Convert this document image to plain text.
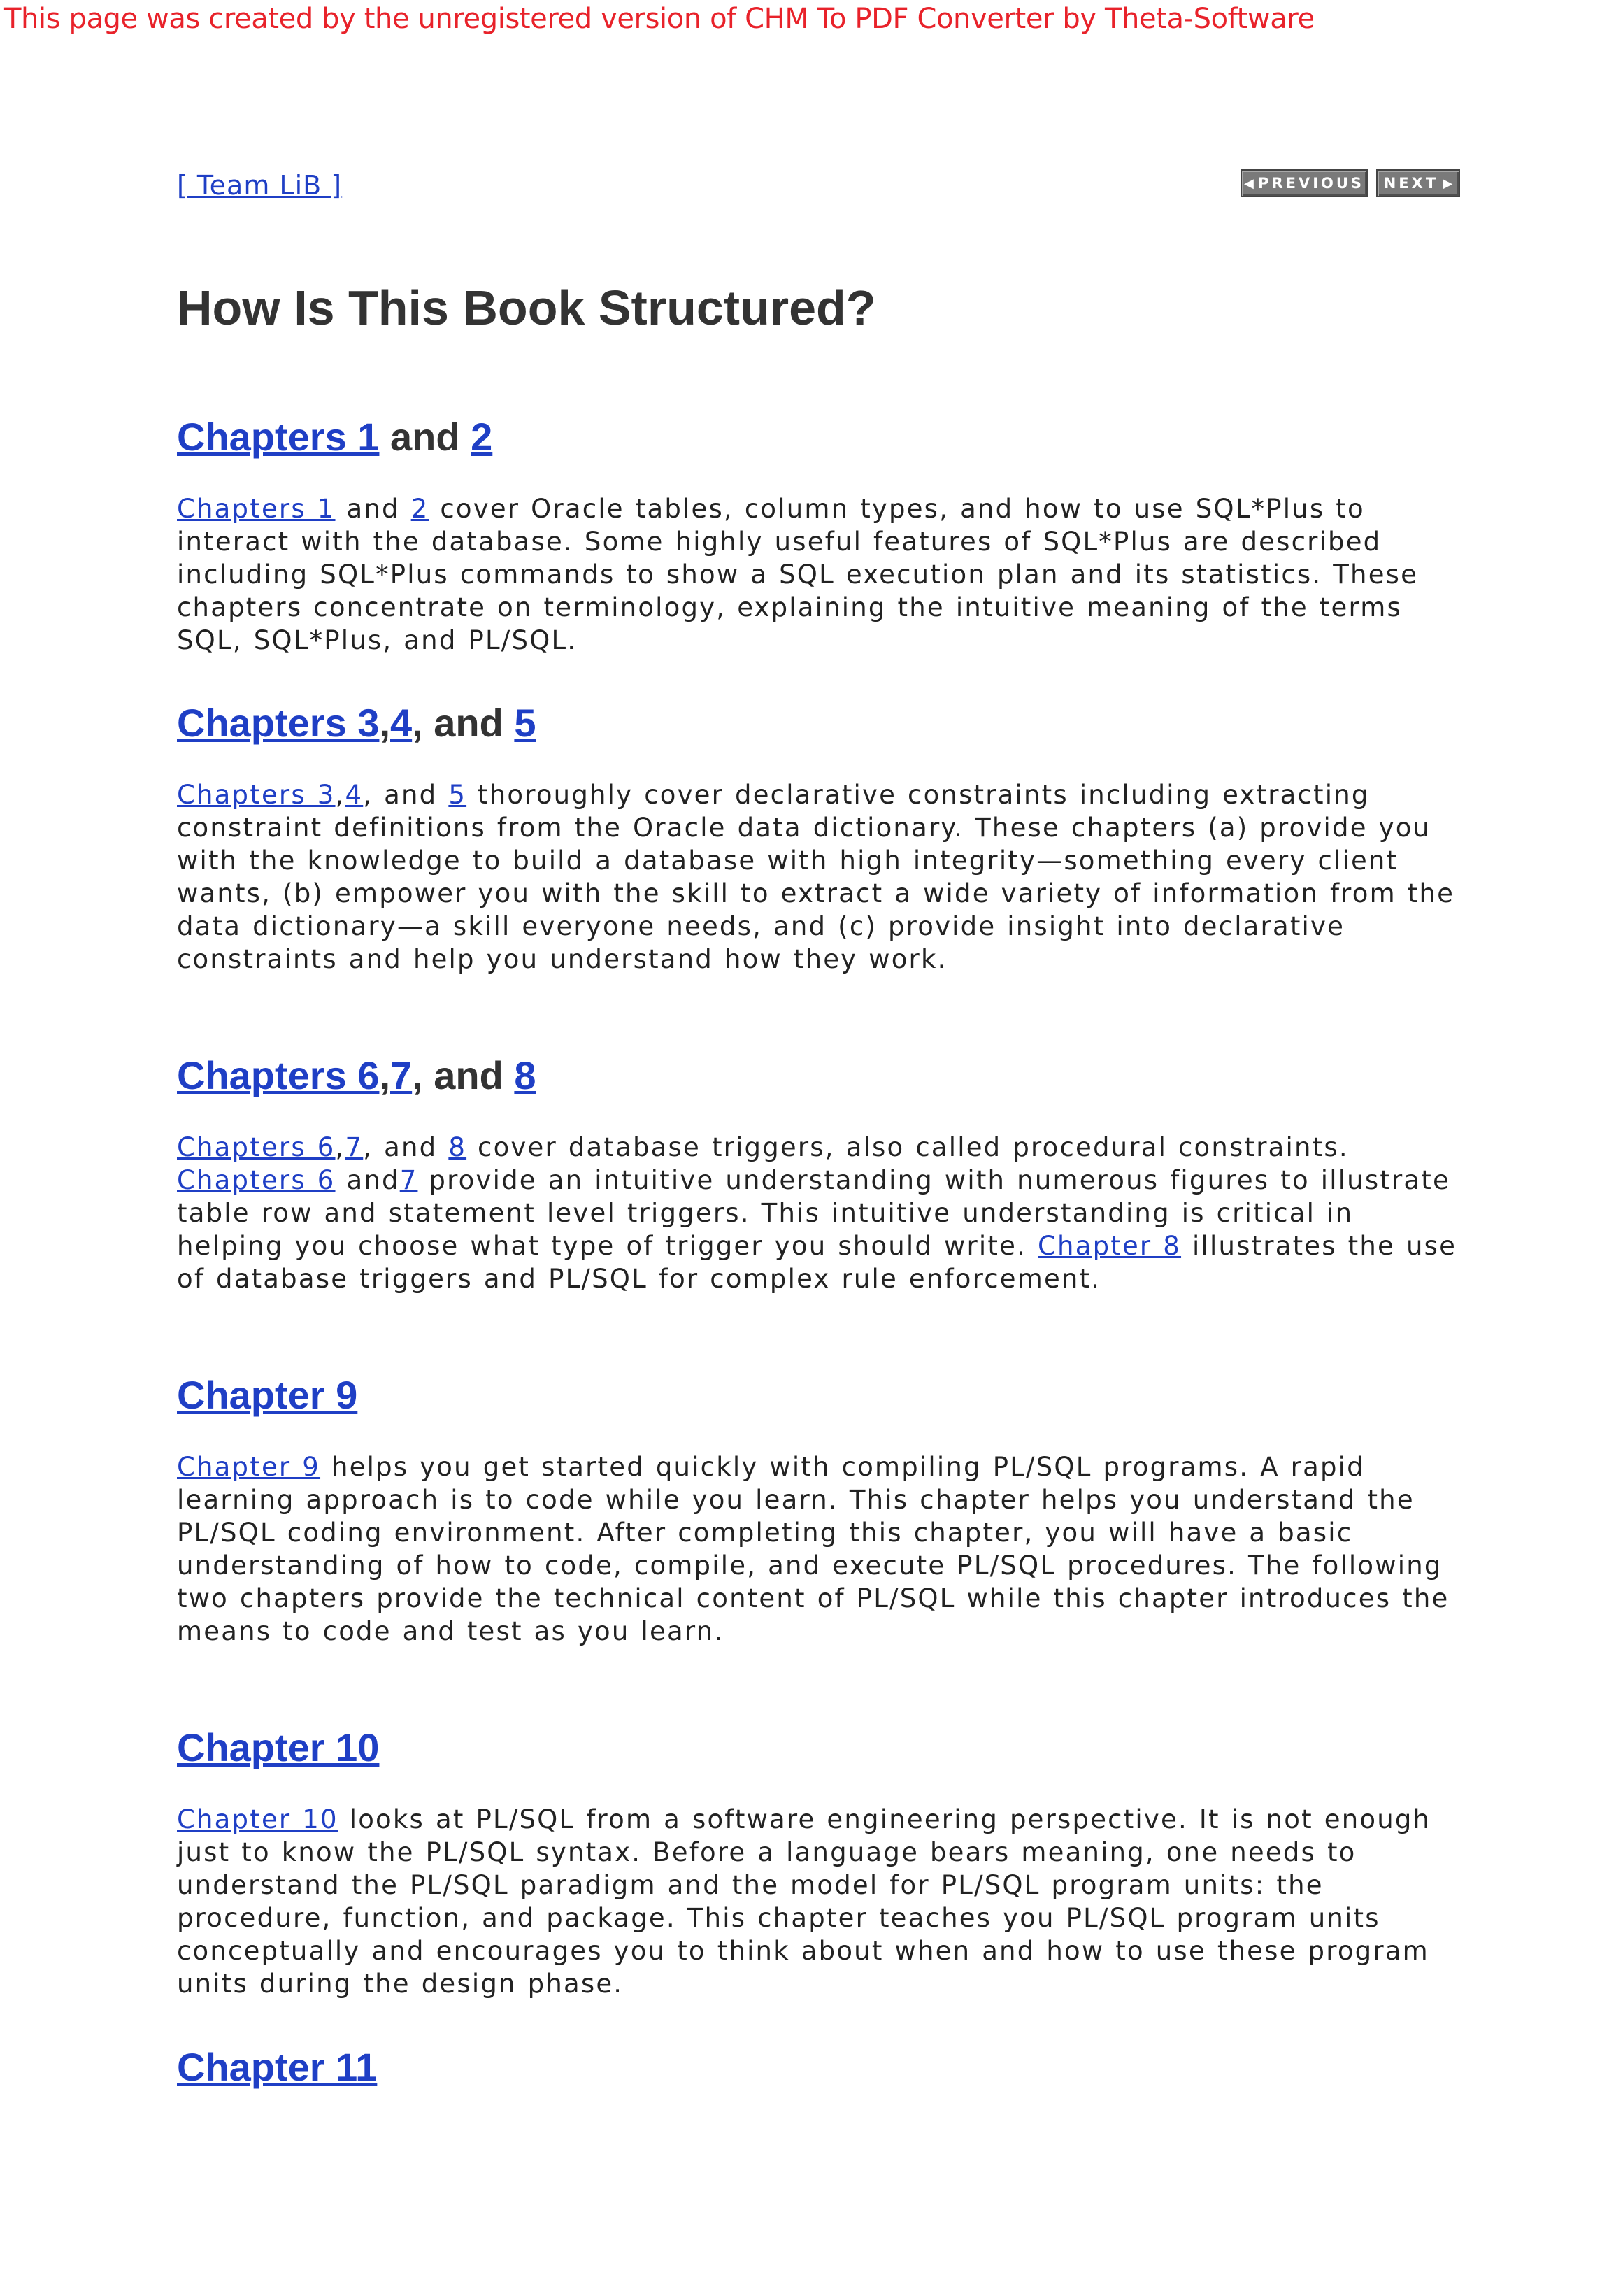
This page was created by the unregistered version of CHM To PDF Converter by Theta-Software
[ Team LiB ]	◀ PREVIOUS NEXT ▶
How Is This Book Structured?
Chapters 1 and 2

Chapters 1 and 2 cover Oracle tables, column types, and how to use SQL*Plus to interact with the database. Some highly useful features of SQL*Plus are described including SQL*Plus commands to show a SQL execution plan and its statistics. These chapters concentrate on terminology, explaining the intuitive meaning of the terms SQL, SQL*Plus, and PL/SQL.

Chapters 3,4, and 5

Chapters 3,4, and 5 thoroughly cover declarative constraints including extracting constraint definitions from the Oracle data dictionary. These chapters (a) provide you with the knowledge to build a database with high integrity—something every client wants, (b) empower you with the skill to extract a wide variety of information from the data dictionary—a skill everyone needs, and (c) provide insight into declarative constraints and help you understand how they work.

Chapters 6,7, and 8

Chapters 6,7, and 8 cover database triggers, also called procedural constraints. Chapters 6 and7 provide an intuitive understanding with numerous figures to illustrate table row and statement level triggers. This intuitive understanding is critical in helping you choose what type of trigger you should write. Chapter 8 illustrates the use of database triggers and PL/SQL for complex rule enforcement.

Chapter 9

Chapter 9 helps you get started quickly with compiling PL/SQL programs. A rapid learning approach is to code while you learn. This chapter helps you understand the PL/SQL coding environment. After completing this chapter, you will have a basic understanding of how to code, compile, and execute PL/SQL procedures. The following two chapters provide the technical content of PL/SQL while this chapter introduces the means to code and test as you learn.

Chapter 10

Chapter 10 looks at PL/SQL from a software engineering perspective. It is not enough just to know the PL/SQL syntax. Before a language bears meaning, one needs to understand the PL/SQL paradigm and the model for PL/SQL program units: the procedure, function, and package. This chapter teaches you PL/SQL program units conceptually and encourages you to think about when and how to use these program units during the design phase.

Chapter 11
